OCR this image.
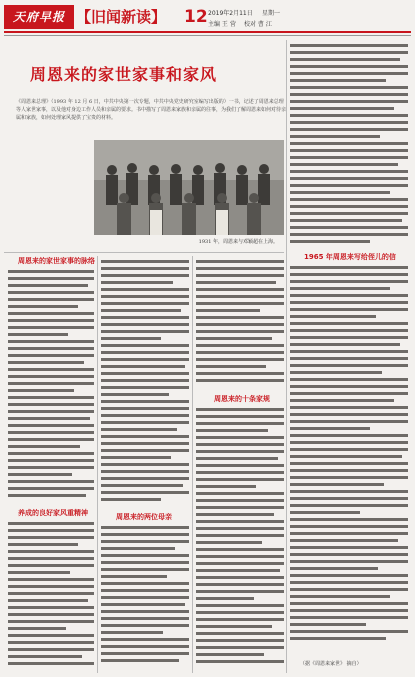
天府早报 【旧闻新读】	12 2019年2月11日 星期一
主编 王 营 校对 曹 江
周恩来的家世家事和家风
《周恩来总理》（1993 年 12 月 6 日，中共中央第一次专题，中共中央党史研究室编写出版的）一书，记述了周恩来总理等人家世家事，以及他对身边工作人员和亲属的要求。书中描写了周恩来家族和亲属的往事，为我们了解周恩来如何对待亲属和家族，如何处理家风提供了宝贵的材料。
1931 年，周恩来与邓颖超在上海。
周恩来的家世家事的脉络
养成的良好家风重精神	周恩来的两位母亲
周恩来的十条家规
1965 年周恩来写给侄儿的信
（据《周恩来家世》 摘自）
